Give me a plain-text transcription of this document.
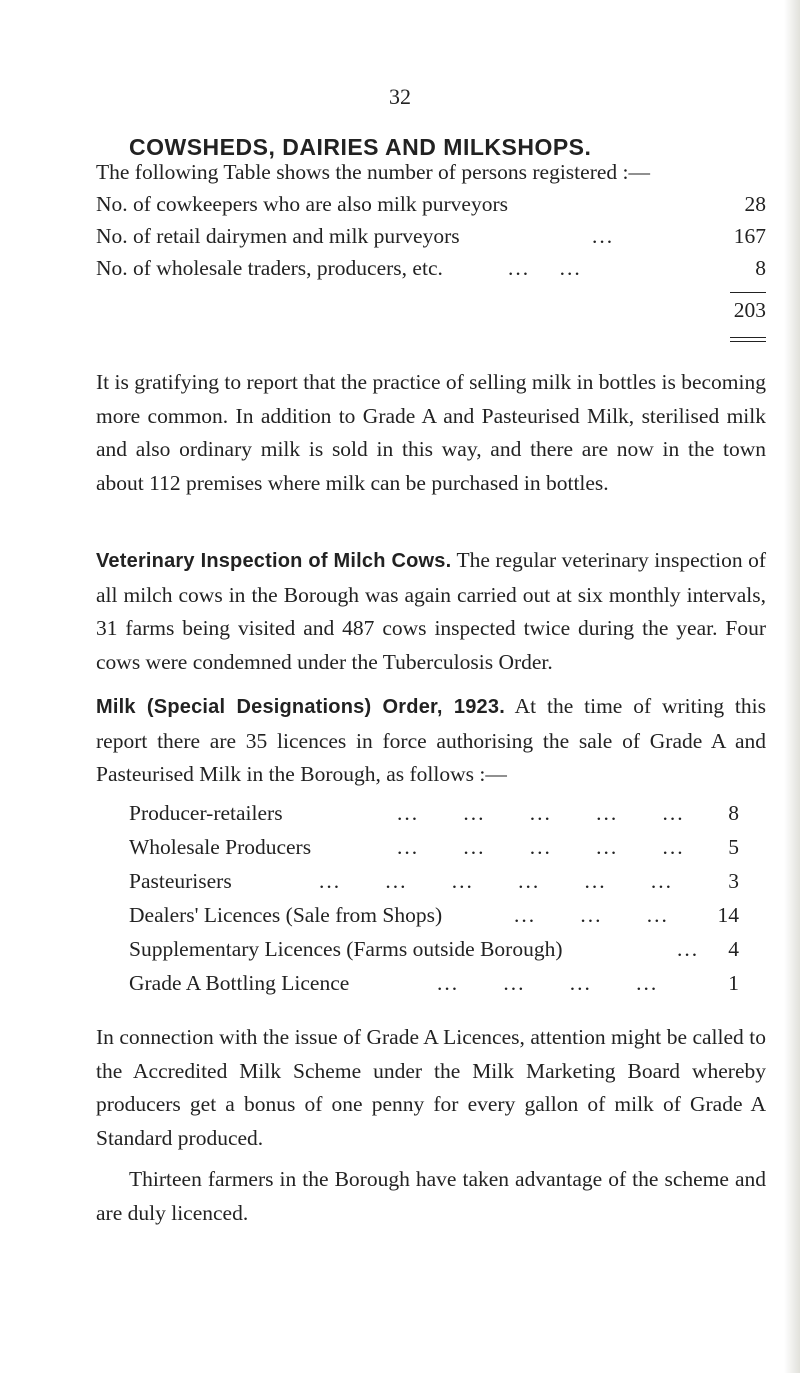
32
COWSHEDS, DAIRIES AND MILKSHOPS.
The following Table shows the number of persons registered :—
No. of cowkeepers who are also milk purveyors	28
No. of retail dairymen and milk purveyors	...	167
No. of wholesale traders, producers, etc.	...    ...	8
203

It is gratifying to report that the practice of selling milk in bottles is becoming more common. In addition to Grade A and Pasteurised Milk, sterilised milk and also ordinary milk is sold in this way, and there are now in the town about 112 premises where milk can be purchased in bottles.

Veterinary Inspection of Milch Cows. The regular veterinary inspection of all milch cows in the Borough was again carried out at six monthly intervals, 31 farms being visited and 487 cows inspected twice during the year. Four cows were condemned under the Tuberculosis Order.

Milk (Special Designations) Order, 1923. At the time of writing this report there are 35 licences in force authorising the sale of Grade A and Pasteurised Milk in the Borough, as follows :—

Producer-retailers	...      ...      ...      ...      ... 8
Wholesale Producers	...      ...      ...      ...      ... 5
Pasteurisers	...      ...      ...      ...      ...      ...	3
Dealers' Licences (Sale from Shops)	...      ...      ... 14
Supplementary Licences (Farms outside Borough)	... 4
Grade A Bottling Licence	...      ...      ...      ...	1

In connection with the issue of Grade A Licences, attention might be called to the Accredited Milk Scheme under the Milk Marketing Board whereby producers get a bonus of one penny for every gallon of milk of Grade A Standard produced.

Thirteen farmers in the Borough have taken advantage of the scheme and are duly licenced.
